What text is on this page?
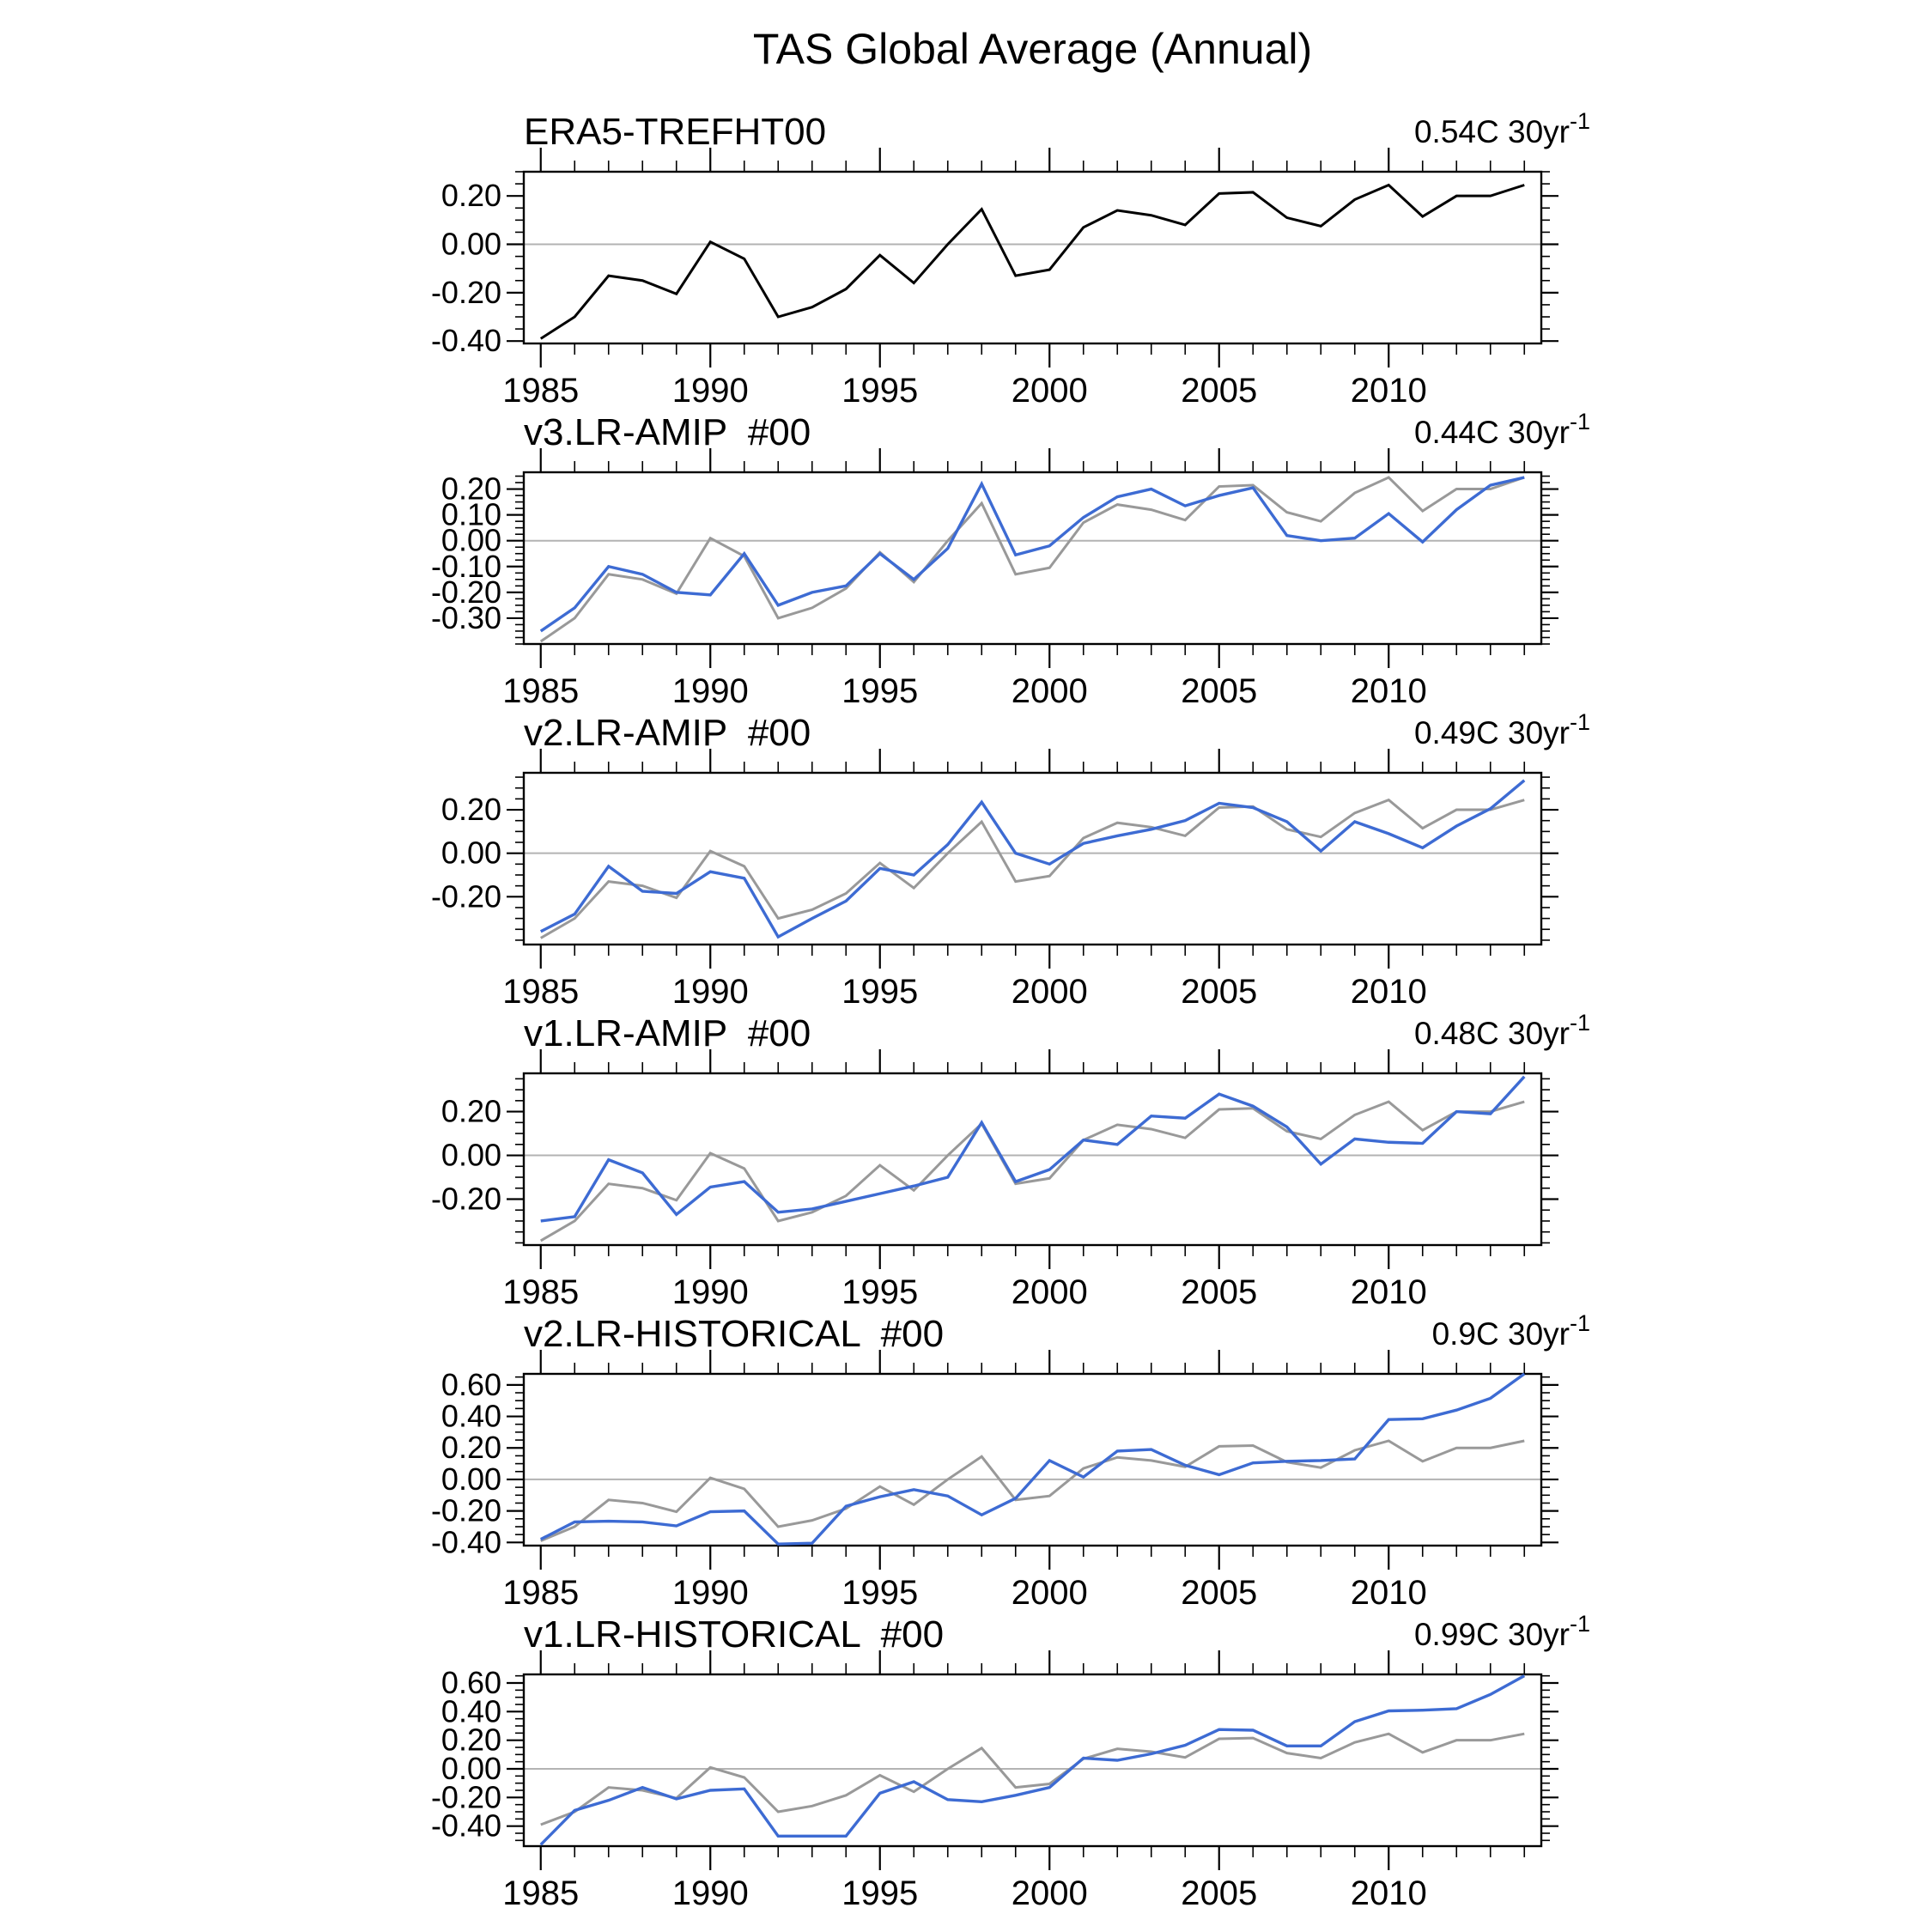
TAS Global Average (Annual)
ERA5-TREFHT00	0.54C $30yr^{-1}$
1985	1990	1995	2000	2005	2010
0.20
0.00
-0.20
-0.40
v3.LR-AMIP  #00	0.44C $30yr^{-1}$
1985	1990	1995	2000	2005	2010
0.20
0.10
0.00
-0.10
-0.20
-0.30
v2.LR-AMIP  #00	0.49C $30yr^{-1}$
1985	1990	1995	2000	2005	2010
0.20
0.00
-0.20
v1.LR-AMIP  #00	0.48C $30yr^{-1}$
1985	1990	1995	2000	2005	2010
0.20
0.00
-0.20
v2.LR-HISTORICAL  #00	0.9C $30yr^{-1}$
1985	1990	1995	2000	2005	2010
0.60
0.40
0.20
0.00
-0.20
-0.40
v1.LR-HISTORICAL  #00	0.99C $30yr^{-1}$
1985	1990	1995	2000	2005	2010
0.60
0.40
0.20
0.00
-0.20
-0.40
